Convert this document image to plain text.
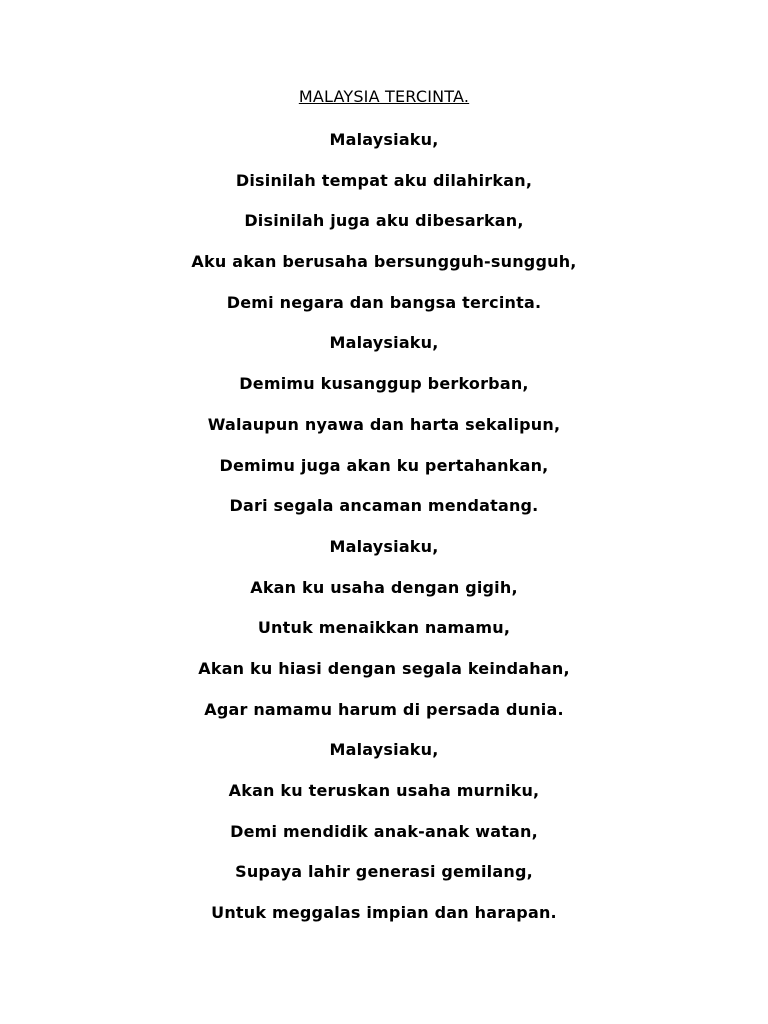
MALAYSIA TERCINTA.
Malaysiaku,
Disinilah tempat aku dilahirkan,
Disinilah juga aku dibesarkan,
Aku akan berusaha bersungguh-sungguh,
Demi negara dan bangsa tercinta.
Malaysiaku,
Demimu kusanggup berkorban,
Walaupun nyawa dan harta sekalipun,
Demimu juga akan ku pertahankan,
Dari segala ancaman mendatang.
Malaysiaku,
Akan ku usaha dengan gigih,
Untuk menaikkan namamu,
Akan ku hiasi dengan segala keindahan,
Agar namamu harum di persada dunia.
Malaysiaku,
Akan ku teruskan usaha murniku,
Demi mendidik anak-anak watan,
Supaya lahir generasi gemilang,
Untuk meggalas impian dan harapan.
